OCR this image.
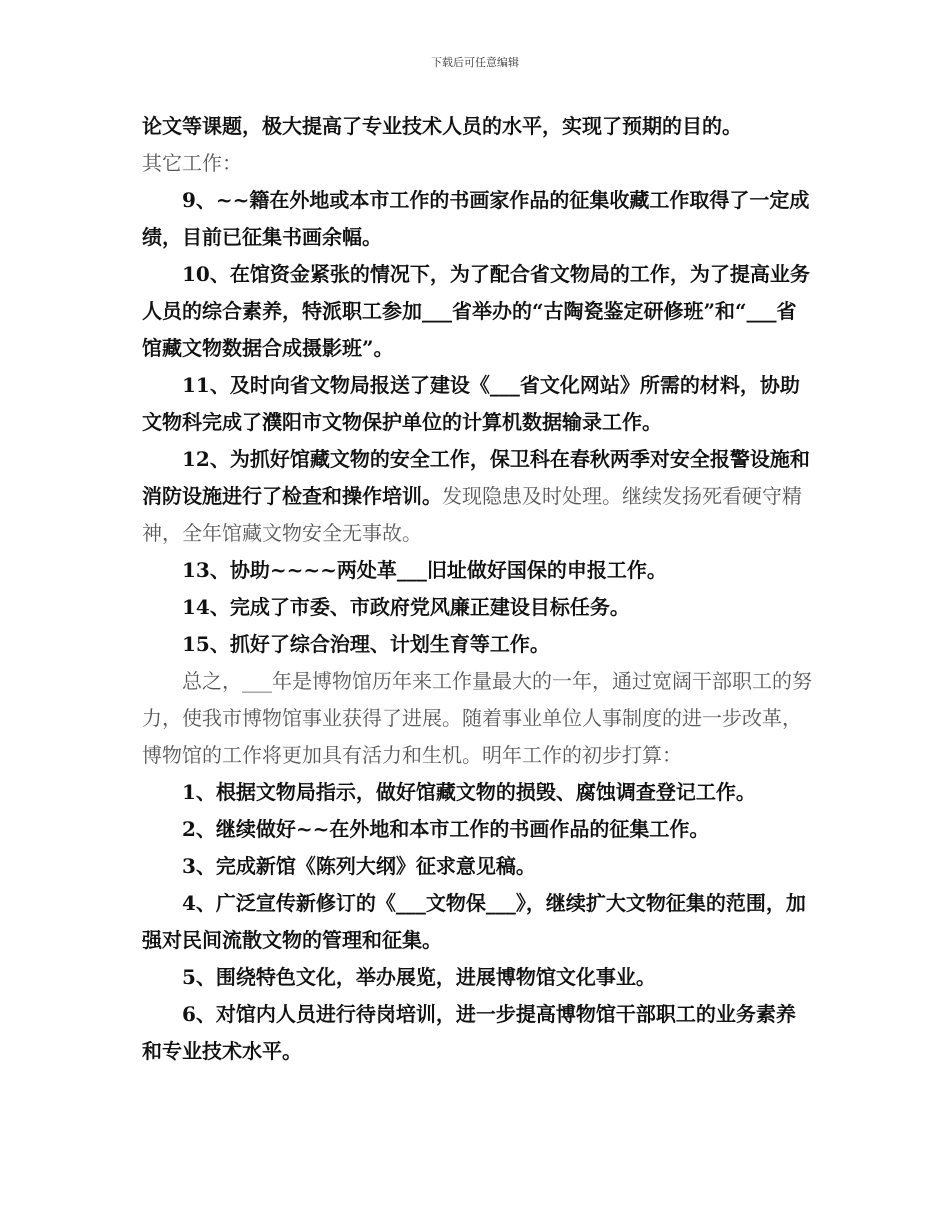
下载后可任意编辑

论文等课题，极大提高了专业技术人员的水平，实现了预期的目的。

其它工作：

9、~~籍在外地或本市工作的书画家作品的征集收藏工作取得了一定成绩，目前已征集书画余幅。

10、在馆资金紧张的情况下，为了配合省文物局的工作，为了提高业务人员的综合素养，特派职工参加___省举办的“古陶瓷鉴定研修班”和“___省馆藏文物数据合成摄影班”。

11、及时向省文物局报送了建设《___省文化网站》所需的材料，协助文物科完成了濮阳市文物保护单位的计算机数据输录工作。

12、为抓好馆藏文物的安全工作，保卫科在春秋两季对安全报警设施和消防设施进行了检查和操作培训。发现隐患及时处理。继续发扬死看硬守精神，全年馆藏文物安全无事故。

13、协助~~~~两处革___旧址做好国保的申报工作。

14、完成了市委、市政府党风廉正建设目标任务。

15、抓好了综合治理、计划生育等工作。

总之，___年是博物馆历年来工作量最大的一年，通过宽阔干部职工的努力，使我市博物馆事业获得了进展。随着事业单位人事制度的进一步改革，博物馆的工作将更加具有活力和生机。明年工作的初步打算：

1、根据文物局指示，做好馆藏文物的损毁、腐蚀调查登记工作。

2、继续做好~~在外地和本市工作的书画作品的征集工作。

3、完成新馆《陈列大纲》征求意见稿。

4、广泛宣传新修订的《___文物保___》，继续扩大文物征集的范围，加强对民间流散文物的管理和征集。

5、围绕特色文化，举办展览，进展博物馆文化事业。

6、对馆内人员进行待岗培训，进一步提高博物馆干部职工的业务素养和专业技术水平。
